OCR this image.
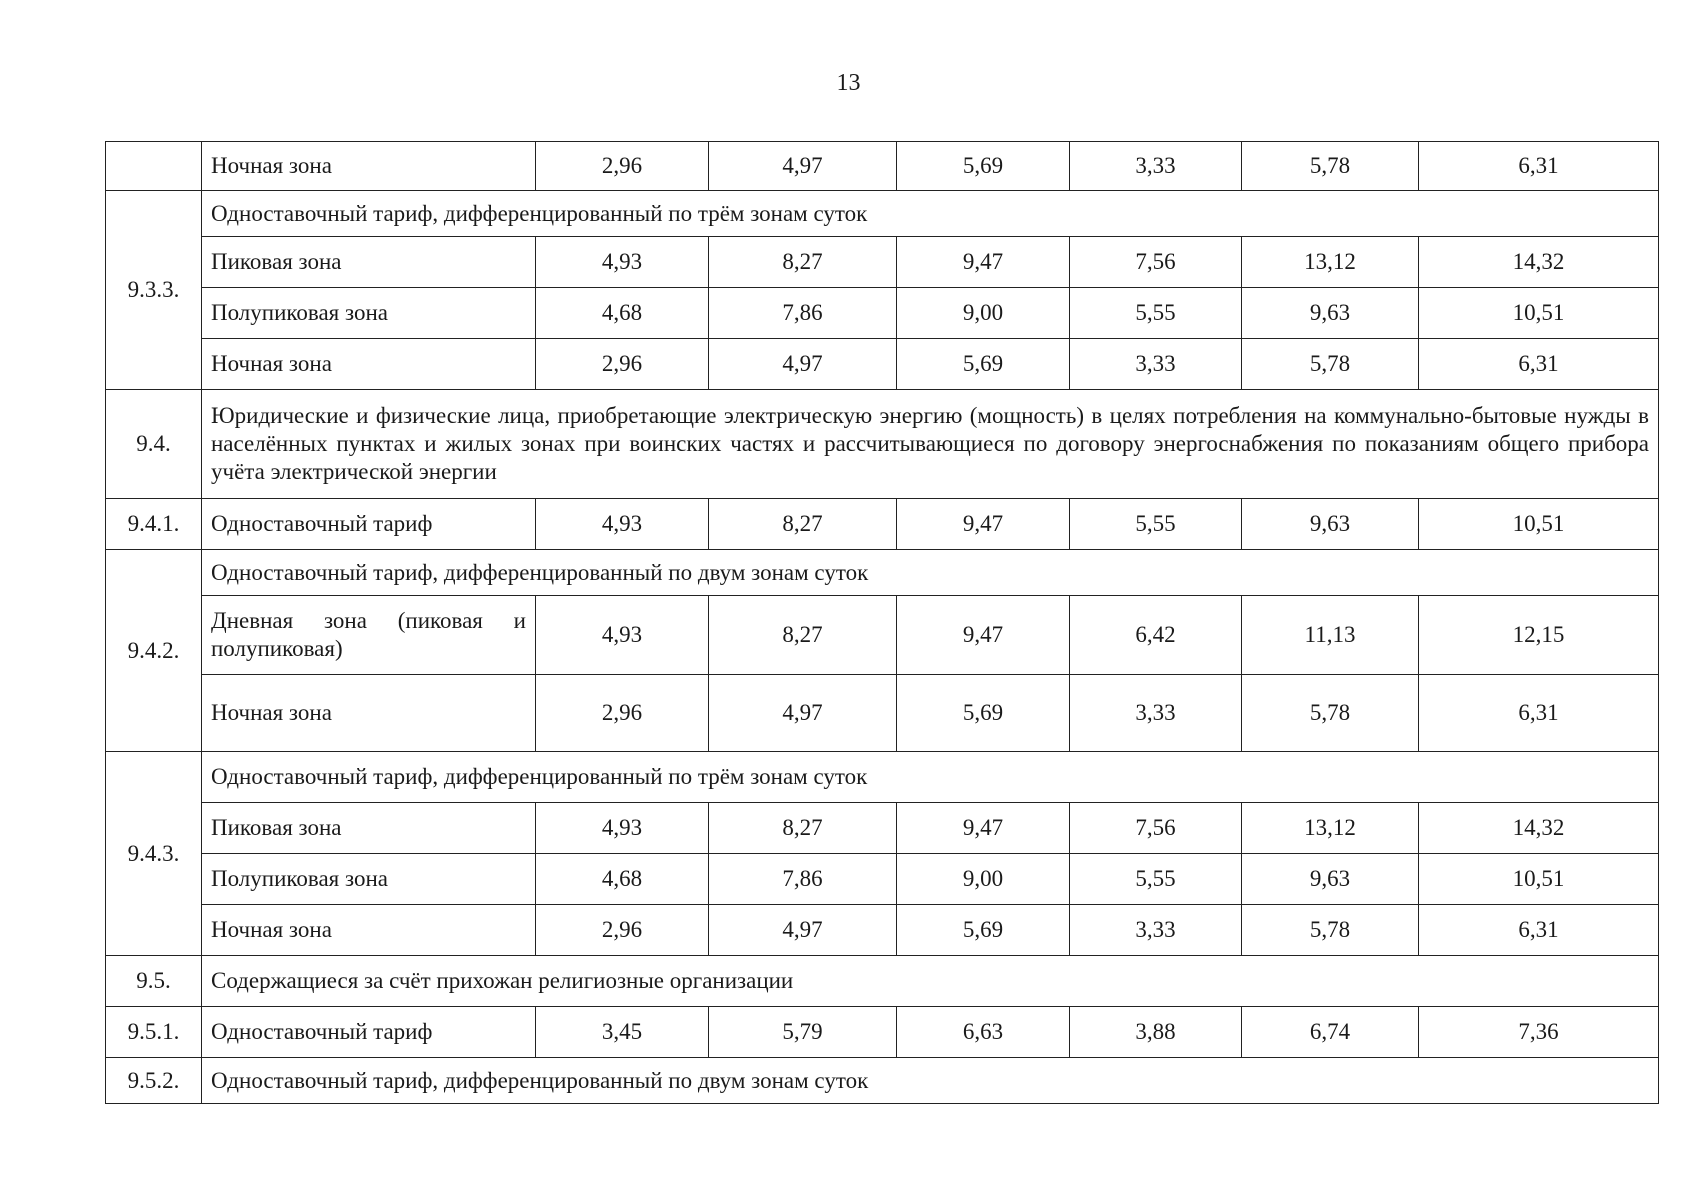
13
	Ночная зона	2,96	4,97	5,69	3,33	5,78	6,31
9.3.3.	Одноставочный тариф, дифференцированный по трём зонам суток						
	Пиковая зона	4,93	8,27	9,47	7,56	13,12	14,32
	Полупиковая зона	4,68	7,86	9,00	5,55	9,63	10,51
	Ночная зона	2,96	4,97	5,69	3,33	5,78	6,31
9.4.	Юридические и физические лица, приобретающие электрическую энергию (мощность) в целях потребления на коммунально-бытовые нужды в населённых пунктах и жилых зонах при воинских частях и рассчитывающиеся по договору энергоснабжения по показаниям общего прибора учёта электрической энергии						
9.4.1.	Одноставочный тариф	4,93	8,27	9,47	5,55	9,63	10,51
9.4.2.	Одноставочный тариф, дифференцированный по двум зонам суток						
	Дневная зона (пиковая и полупиковая)	4,93	8,27	9,47	6,42	11,13	12,15
	Ночная зона	2,96	4,97	5,69	3,33	5,78	6,31
9.4.3.	Одноставочный тариф, дифференцированный по трём зонам суток						
	Пиковая зона	4,93	8,27	9,47	7,56	13,12	14,32
	Полупиковая зона	4,68	7,86	9,00	5,55	9,63	10,51
	Ночная зона	2,96	4,97	5,69	3,33	5,78	6,31
9.5.	Содержащиеся за счёт прихожан религиозные организации						
9.5.1.	Одноставочный тариф	3,45	5,79	6,63	3,88	6,74	7,36
9.5.2.	Одноставочный тариф, дифференцированный по двум зонам суток						
